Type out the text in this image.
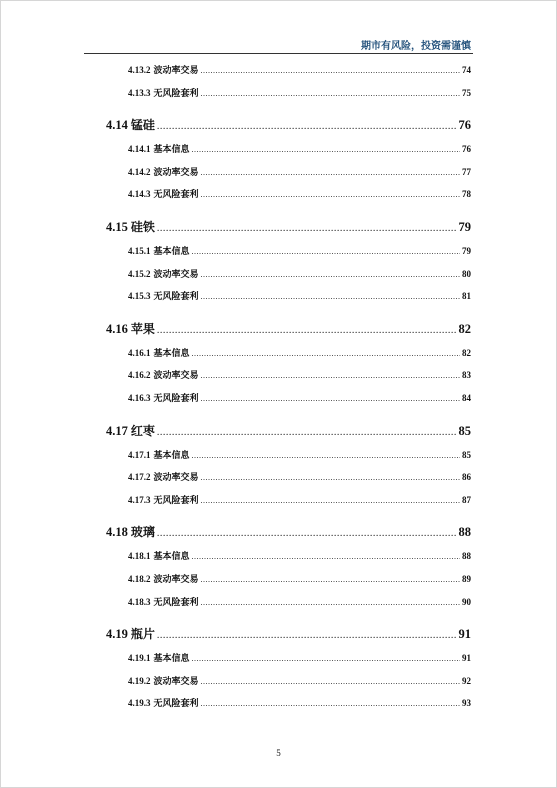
期市有风险，投资需谨慎
4.13.2 波动率交易 .....	74
4.13.3 无风险套利 .....	75
4.14 锰硅 .....	76
4.14.1 基本信息 .....	76
4.14.2 波动率交易 .....	77
4.14.3 无风险套利 .....	78
4.15 硅铁 .....	79
4.15.1 基本信息 .....	79
4.15.2 波动率交易 .....	80
4.15.3 无风险套利 .....	81
4.16 苹果 .....	82
4.16.1 基本信息 .....	82
4.16.2 波动率交易 .....	83
4.16.3 无风险套利 .....	84
4.17 红枣 .....	85
4.17.1 基本信息 .....	85
4.17.2 波动率交易 .....	86
4.17.3 无风险套利 .....	87
4.18 玻璃 .....	88
4.18.1 基本信息 .....	88
4.18.2 波动率交易 .....	89
4.18.3 无风险套利 .....	90
4.19 瓶片 .....	91
4.19.1 基本信息 .....	91
4.19.2 波动率交易 .....	92
4.19.3 无风险套利 .....	93
5
